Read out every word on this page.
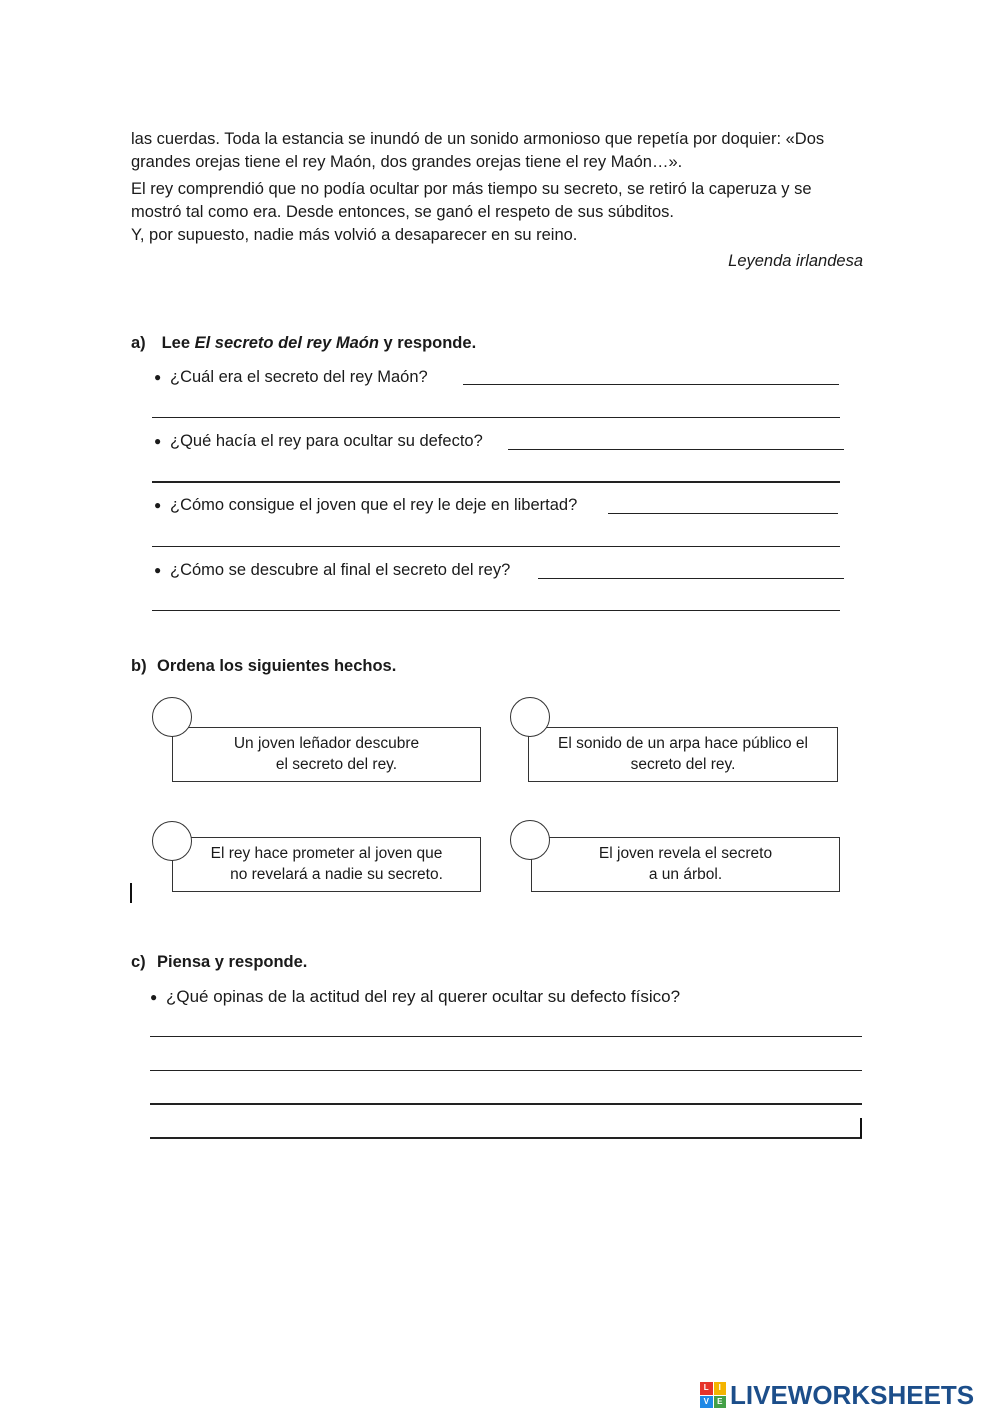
las cuerdas. Toda la estancia se inundó de un sonido armonioso que repetía por doquier: «Dos grandes orejas tiene el rey Maón, dos grandes orejas tiene el rey Maón…».

El rey comprendió que no podía ocultar por más tiempo su secreto, se retiró la caperuza y se mostró tal como era. Desde entonces, se ganó el respeto de sus súbditos.

Y, por supuesto, nadie más volvió a desaparecer en su reino.

Leyenda irlandesa
a) Lee El secreto del rey Maón y responde.
● ¿Cuál era el secreto del rey Maón?
● ¿Qué hacía el rey para ocultar su defecto?
● ¿Cómo consigue el joven que el rey le deje en libertad?
● ¿Cómo se descubre al final el secreto del rey?
b) Ordena los siguientes hechos.
Un joven leñador descubre
el secreto del rey.
El sonido de un arpa hace público el
secreto del rey.
El rey hace prometer al joven que
no revelará a nadie su secreto.
El joven revela el secreto
a un árbol.
c) Piensa y responde.
● ¿Qué opinas de la actitud del rey al querer ocultar su defecto físico?
L	I
V	E LIVEWORKSHEETS
